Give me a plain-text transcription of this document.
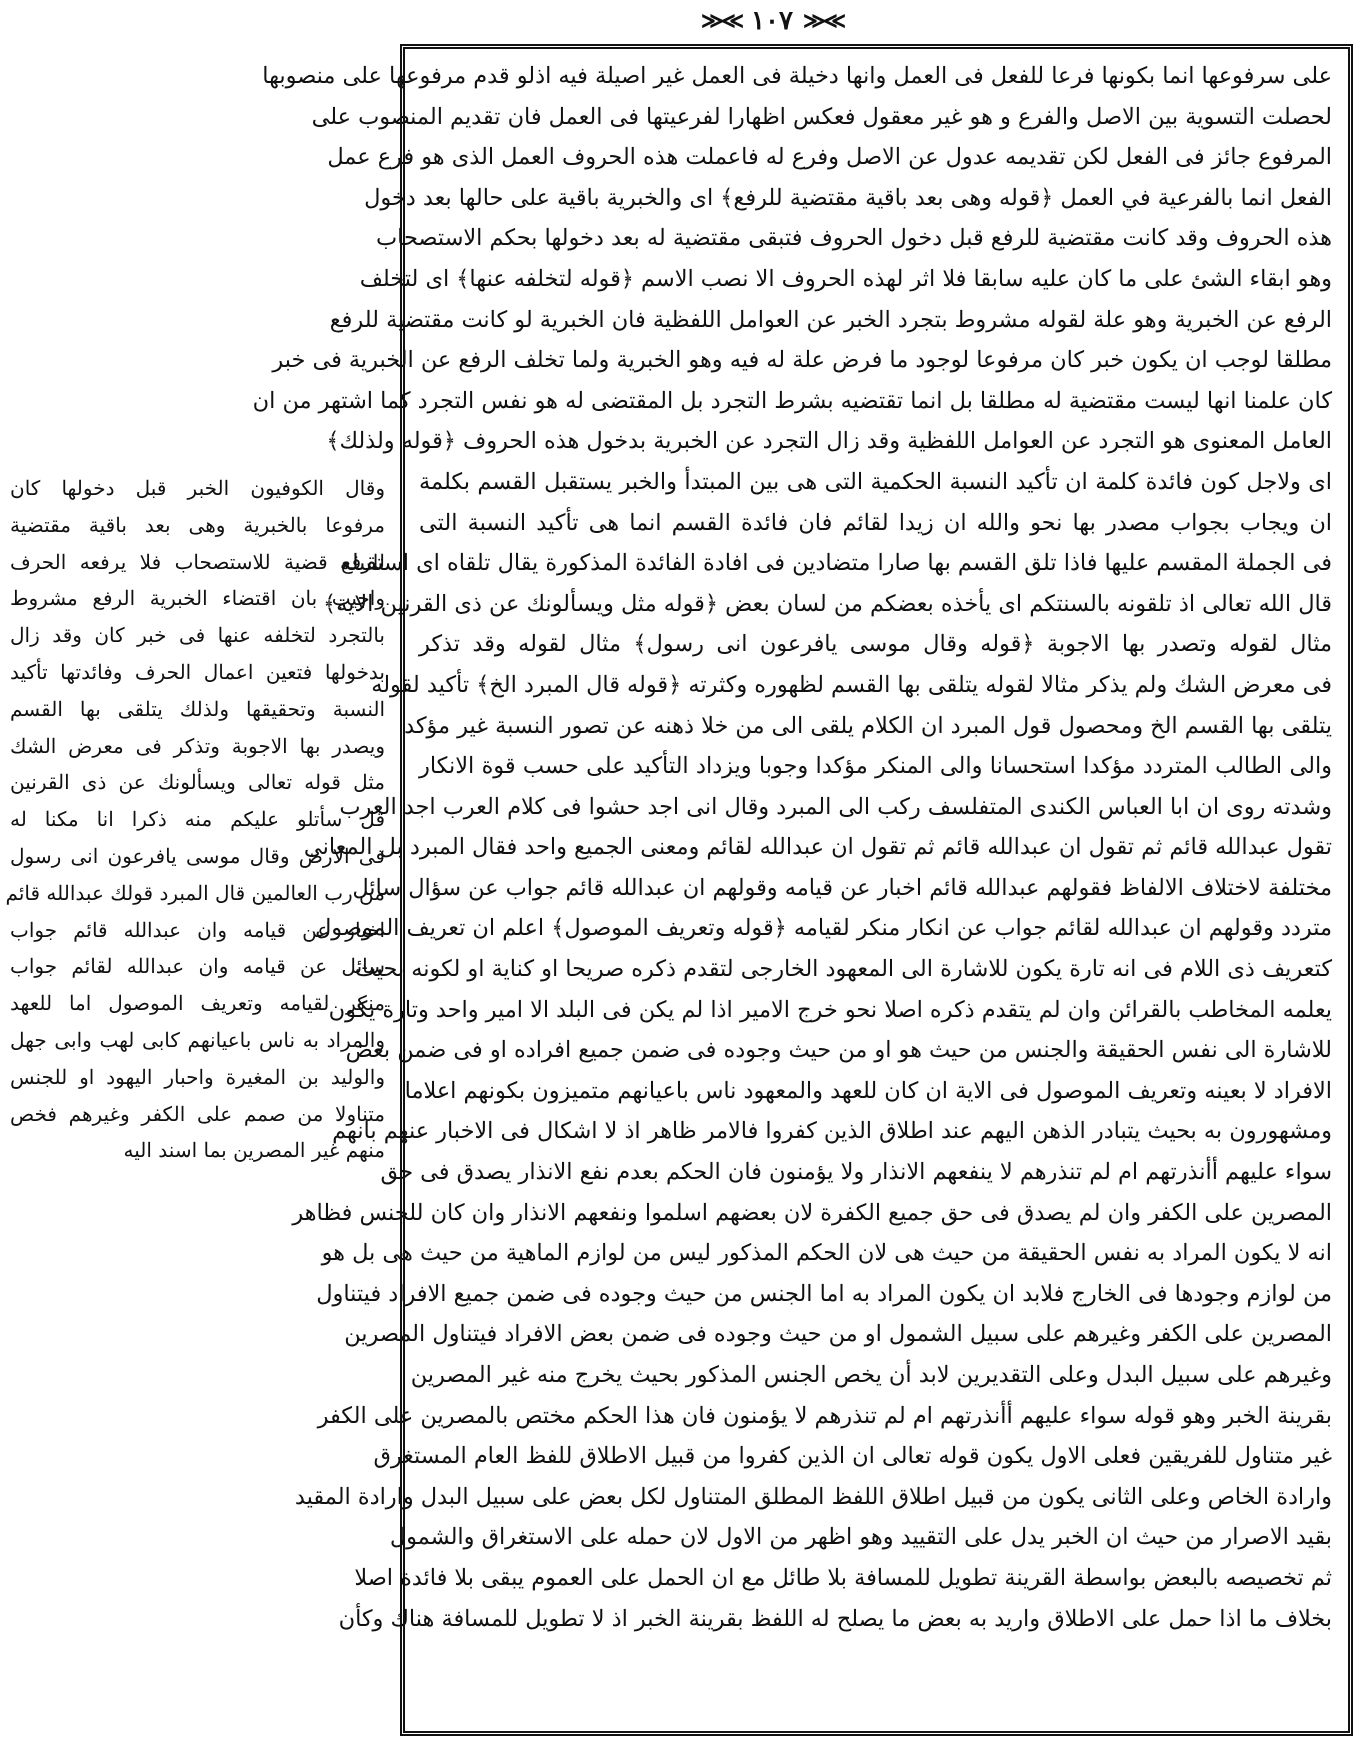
≫≪
١٠٧
≫≪
على سرفوعها انما بكونها فرعا للفعل فى العمل وانها دخيلة فى العمل غير اصيلة فيه اذلو قدم مرفوعها على منصوبها
لحصلت التسوية بين الاصل والفرع و هو غير معقول فعكس اظهارا لفرعيتها فى العمل فان تقديم المنصوب على
المرفوع جائز فى الفعل لكن تقديمه عدول عن الاصل وفرع له فاعملت هذه الحروف العمل الذى هو فرع عمل
الفعل انما بالفرعية في العمل ﴿قوله وهى بعد باقية مقتضية للرفع﴾ اى والخبرية باقية على حالها بعد دخول
هذه الحروف وقد كانت مقتضية للرفع قبل دخول الحروف فتبقى مقتضية له بعد دخولها بحكم الاستصحاب
وهو ابقاء الشئ على ما كان عليه سابقا فلا اثر لهذه الحروف الا نصب الاسم ﴿قوله لتخلفه عنها﴾ اى لتخلف
الرفع عن الخبرية وهو علة لقوله مشروط بتجرد الخبر عن العوامل اللفظية فان الخبرية لو كانت مقتضية للرفع
مطلقا لوجب ان يكون خبر كان مرفوعا لوجود ما فرض علة له فيه وهو الخبرية ولما تخلف الرفع عن الخبرية فى خبر
كان علمنا انها ليست مقتضية له مطلقا بل انما تقتضيه بشرط التجرد بل المقتضى له هو نفس التجرد كما اشتهر من ان
العامل المعنوى هو التجرد عن العوامل اللفظية وقد زال التجرد عن الخبرية بدخول هذه الحروف ﴿قوله ولذلك﴾
اى ولاجل كون فائدة كلمة ان تأكيد النسبة الحكمية التى هى بين المبتدأ والخبر يستقبل القسم بكلمة
ان ويجاب بجواب مصدر بها نحو والله ان زيدا لقائم فان فائدة القسم انما هى تأكيد النسبة التى
فى الجملة المقسم عليها فاذا تلق القسم بها صارا متضادين فى افادة الفائدة المذكورة يقال تلقاه اى استقبله
قال الله تعالى اذ تلقونه بالسنتكم اى يأخذه بعضكم من لسان بعض ﴿قوله مثل ويسألونك عن ذى القرنين الاية﴾
مثال لقوله وتصدر بها الاجوبة ﴿قوله وقال موسى يافرعون انى رسول﴾ مثال لقوله وقد تذكر
فى معرض الشك ولم يذكر مثالا لقوله يتلقى بها القسم لظهوره وكثرته ﴿قوله قال المبرد الخ﴾ تأكيد لقوله
يتلقى بها القسم الخ ومحصول قول المبرد ان الكلام يلقى الى من خلا ذهنه عن تصور النسبة غير مؤكد
والى الطالب المتردد مؤكدا استحسانا والى المنكر مؤكدا وجوبا ويزداد التأكيد على حسب قوة الانكار
وشدته روى ان ابا العباس الكندى المتفلسف ركب الى المبرد وقال انى اجد حشوا فى كلام العرب اجد العرب
تقول عبدالله قائم ثم تقول ان عبدالله قائم ثم تقول ان عبدالله لقائم ومعنى الجميع واحد فقال المبرد بل المعانى
مختلفة لاختلاف الالفاظ فقولهم عبدالله قائم اخبار عن قيامه وقولهم ان عبدالله قائم جواب عن سؤال سائل
متردد وقولهم ان عبدالله لقائم جواب عن انكار منكر لقيامه ﴿قوله وتعريف الموصول﴾ اعلم ان تعريف الموصول
كتعريف ذى اللام فى انه تارة يكون للاشارة الى المعهود الخارجى لتقدم ذكره صريحا او كناية او لكونه بحيث
يعلمه المخاطب بالقرائن وان لم يتقدم ذكره اصلا نحو خرج الامير اذا لم يكن فى البلد الا امير واحد وتارة يكون
للاشارة الى نفس الحقيقة والجنس من حيث هو او من حيث وجوده فى ضمن جميع افراده او فى ضمن بعض
الافراد لا بعينه وتعريف الموصول فى الاية ان كان للعهد والمعهود ناس باعيانهم متميزون بكونهم اعلاما
ومشهورون به بحيث يتبادر الذهن اليهم عند اطلاق الذين كفروا فالامر ظاهر اذ لا اشكال فى الاخبار عنهم بانهم
سواء عليهم أأنذرتهم ام لم تنذرهم لا ينفعهم الانذار ولا يؤمنون فان الحكم بعدم نفع الانذار يصدق فى حق
المصرين على الكفر وان لم يصدق فى حق جميع الكفرة لان بعضهم اسلموا ونفعهم الانذار وان كان للجنس فظاهر
انه لا يكون المراد به نفس الحقيقة من حيث هى لان الحكم المذكور ليس من لوازم الماهية من حيث هى بل هو
من لوازم وجودها فى الخارج فلابد ان يكون المراد به اما الجنس من حيث وجوده فى ضمن جميع الافراد فيتناول
المصرين على الكفر وغيرهم على سبيل الشمول او من حيث وجوده فى ضمن بعض الافراد فيتناول المصرين
وغيرهم على سبيل البدل وعلى التقديرين لابد أن يخص الجنس المذكور بحيث يخرج منه غير المصرين
بقرينة الخبر وهو قوله سواء عليهم أأنذرتهم ام لم تنذرهم لا يؤمنون فان هذا الحكم مختص بالمصرين على الكفر
غير متناول للفريقين فعلى الاول يكون قوله تعالى ان الذين كفروا من قبيل الاطلاق للفظ العام المستغرق
وارادة الخاص وعلى الثانى يكون من قبيل اطلاق اللفظ المطلق المتناول لكل بعض على سبيل البدل وارادة المقيد
بقيد الاصرار من حيث ان الخبر يدل على التقييد وهو اظهر من الاول لان حمله على الاستغراق والشمول
ثم تخصيصه بالبعض بواسطة القرينة تطويل للمسافة بلا طائل مع ان الحمل على العموم يبقى بلا فائدة اصلا
بخلاف ما اذا حمل على الاطلاق واريد به بعض ما يصلح له اللفظ بقرينة الخبر اذ لا تطويل للمسافة هناك وكأن
وقال الكوفيون الخبر قبل دخولها كان
مرفوعا بالخبرية وهى بعد باقية مقتضية
للرفع قضية للاستصحاب فلا يرفعه الحرف
واجيب بان اقتضاء الخبرية الرفع مشروط
بالتجرد لتخلفه عنها فى خبر كان وقد زال
بدخولها فتعين اعمال الحرف وفائدتها تأكيد
النسبة وتحقيقها ولذلك يتلقى بها القسم
ويصدر بها الاجوبة وتذكر فى معرض الشك
مثل قوله تعالى ويسألونك عن ذى القرنين
قل سأتلو عليكم منه ذكرا انا مكنا له
فى الارض وقال موسى يافرعون انى رسول
من رب العالمين قال المبرد قولك عبدالله قائم
اخبار عن قيامه وان عبدالله قائم جواب
سائل عن قيامه وان عبدالله لقائم جواب
منكر لقيامه وتعريف الموصول اما للعهد
والمراد به ناس باعيانهم كابى لهب وابى جهل
والوليد بن المغيرة واحبار اليهود او للجنس
متناولا من صمم على الكفر وغيرهم فخص
منهم غير المصرين بما اسند اليه
